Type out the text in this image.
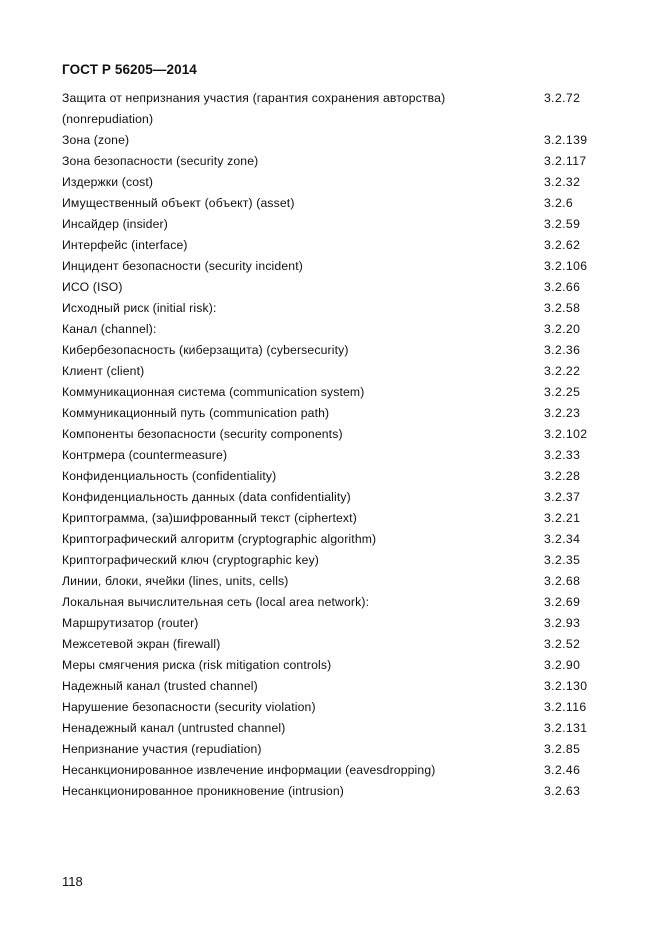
ГОСТ Р 56205—2014
Защита от непризнания участия (гарантия сохранения авторства) (nonrepudiation)
3.2.72
Зона (zone)	3.2.139
Зона безопасности (security zone)	3.2.117
Издержки (cost)	3.2.32
Имущественный объект (объект) (asset)	3.2.6
Инсайдер (insider)	3.2.59
Интерфейс (interface)	3.2.62
Инцидент безопасности (security incident)	3.2.106
ИСО (ISO)	3.2.66
Исходный риск (initial risk):	3.2.58
Канал (channel):	3.2.20
Кибербезопасность (киберзащита) (cybersecurity)	3.2.36
Клиент (client)	3.2.22
Коммуникационная система (communication system)	3.2.25
Коммуникационный путь (communication path)	3.2.23
Компоненты безопасности (security components)	3.2.102
Контрмера (countermeasure)	3.2.33
Конфиденциальность (confidentiality)	3.2.28
Конфиденциальность данных (data confidentiality)	3.2.37
Криптограмма, (за)шифрованный текст (ciphertext)	3.2.21
Криптографический алгоритм (cryptographic algorithm)	3.2.34
Криптографический ключ (cryptographic key)	3.2.35
Линии, блоки, ячейки (lines, units, cells)	3.2.68
Локальная вычислительная сеть (local area network):	3.2.69
Маршрутизатор (router)	3.2.93
Межсетевой экран (firewall)	3.2.52
Меры смягчения риска (risk mitigation controls)	3.2.90
Надежный канал (trusted channel)	3.2.130
Нарушение безопасности (security violation)	3.2.116
Ненадежный канал (untrusted channel)	3.2.131
Непризнание участия (repudiation)	3.2.85
Несанкционированное извлечение информации (eavesdropping)	3.2.46
Несанкционированное проникновение (intrusion)	3.2.63
118
